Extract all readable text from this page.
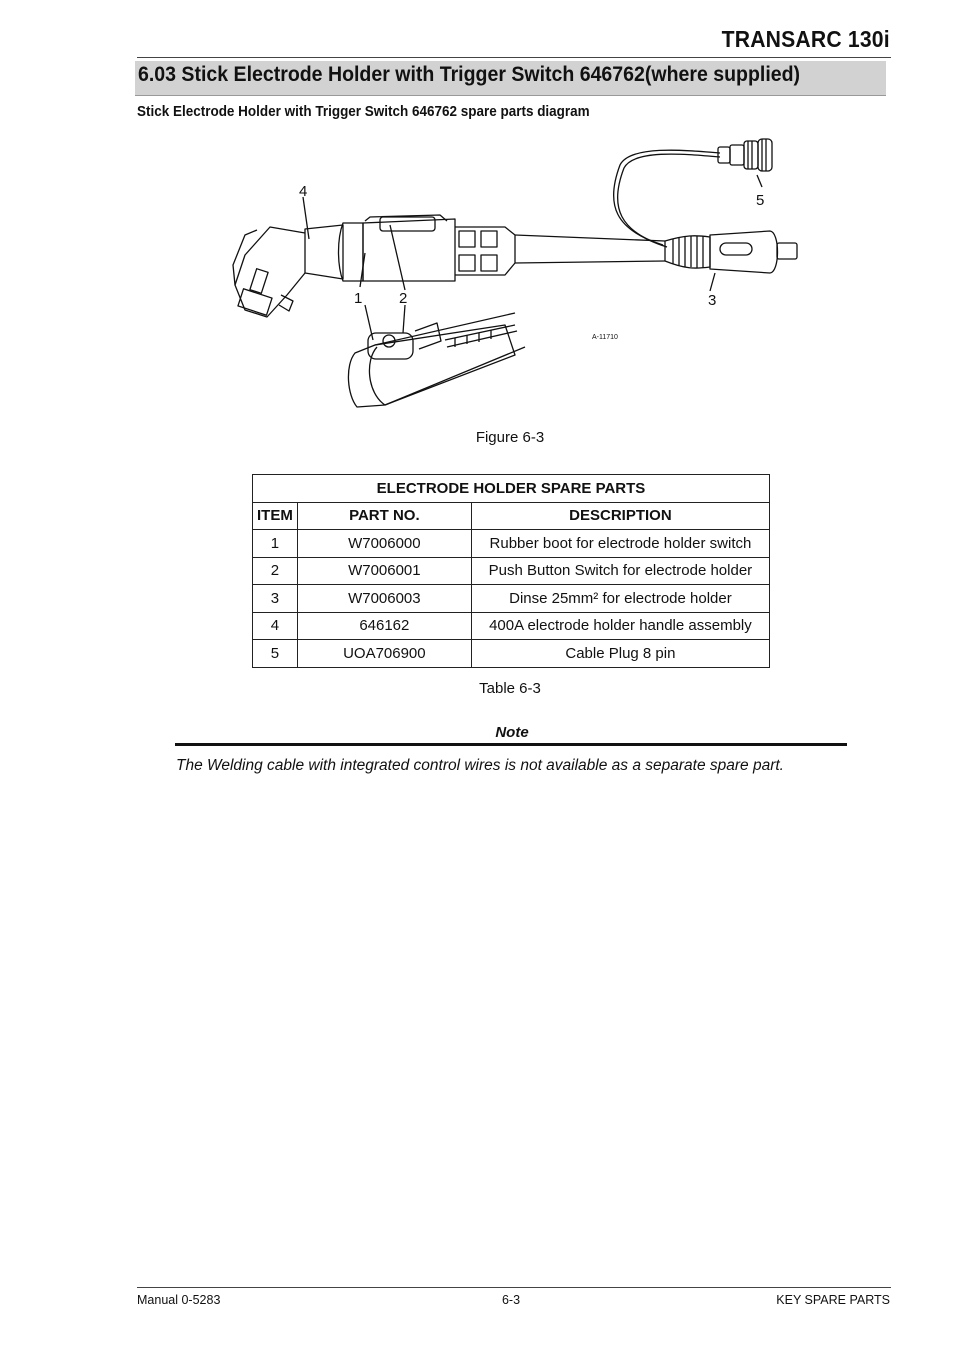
TRANSARC 130i
6.03 Stick Electrode Holder with Trigger Switch 646762(where supplied)
Stick Electrode Holder with Trigger Switch 646762 spare parts diagram
4
5
1 2	3
A-11710
Figure 6-3
ELECTRODE HOLDER SPARE PARTS		
ITEM	PART NO.	DESCRIPTION
1	W7006000	Rubber boot for electrode holder switch
2	W7006001	Push Button Switch for electrode holder
3	W7006003	Dinse 25mm² for electrode holder
4	646162	400A electrode holder handle assembly
5	UOA706900	Cable Plug 8 pin
Table 6-3
Note
The Welding cable with integrated control wires is not available as a separate spare part.
Manual 0-5283	6-3	KEY SPARE PARTS
